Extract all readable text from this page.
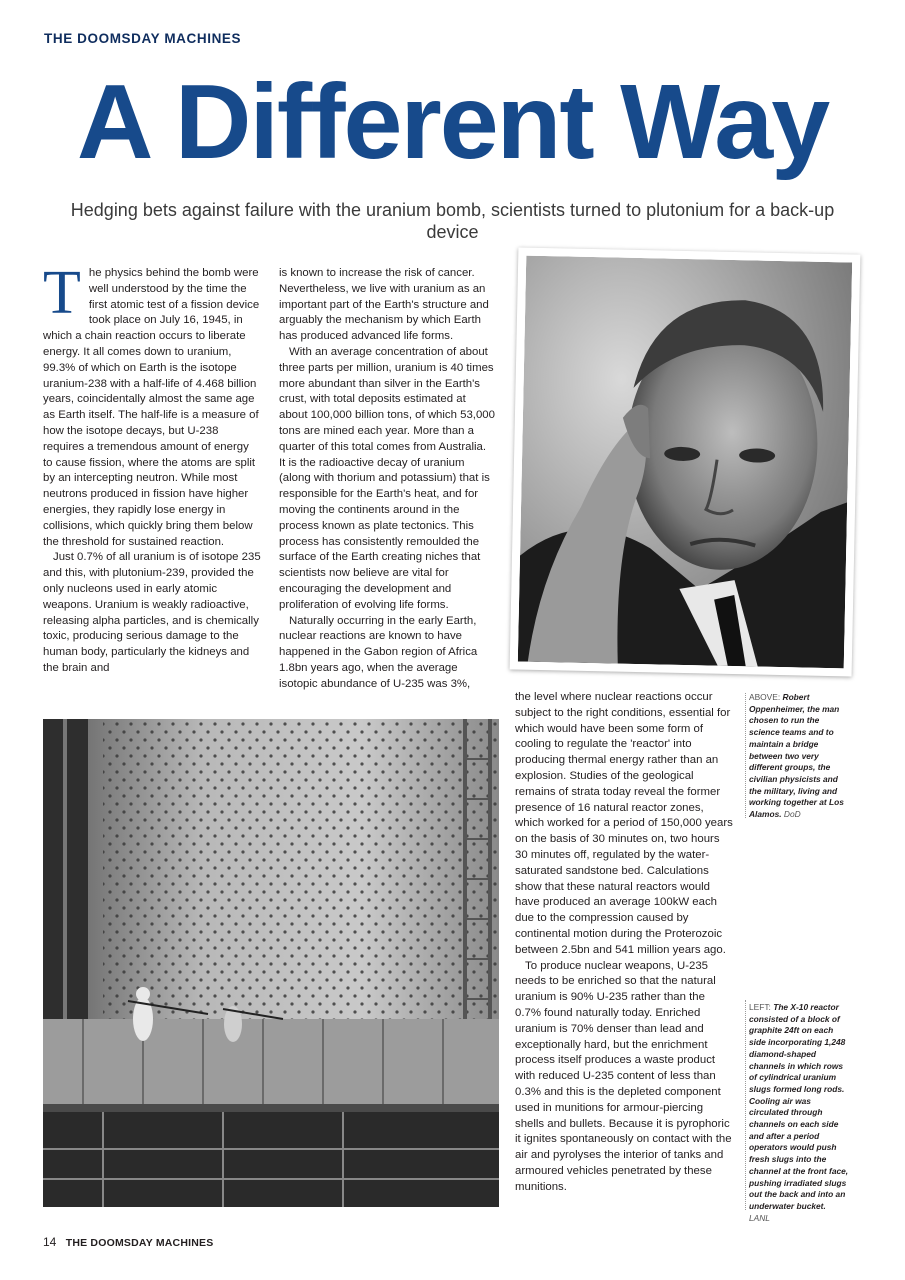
THE DOOMSDAY MACHINES
A Different Way
Hedging bets against failure with the uranium bomb, scientists turned to plutonium for a back-up device

The physics behind the bomb were well understood by the time the first atomic test of a fission device took place on July 16, 1945, in which a chain reaction occurs to liberate energy. It all comes down to uranium, 99.3% of which on Earth is the isotope uranium-238 with a half-life of 4.468 billion years, coincidentally almost the same age as Earth itself. The half-life is a measure of how the isotope decays, but U-238 requires a tremendous amount of energy to cause fission, where the atoms are split by an intercepting neutron. While most neutrons produced in fission have higher energies, they rapidly lose energy in collisions, which quickly bring them below the threshold for sustained reaction.

Just 0.7% of all uranium is of isotope 235 and this, with plutonium-239, provided the only nucleons used in early atomic weapons. Uranium is weakly radioactive, releasing alpha particles, and is chemically toxic, producing serious damage to the human body, particularly the kidneys and the brain and

is known to increase the risk of cancer. Nevertheless, we live with uranium as an important part of the Earth's structure and arguably the mechanism by which Earth has produced advanced life forms.

With an average concentration of about three parts per million, uranium is 40 times more abundant than silver in the Earth's crust, with total deposits estimated at about 100,000 billion tons, of which 53,000 tons are mined each year. More than a quarter of this total comes from Australia. It is the radioactive decay of uranium (along with thorium and potassium) that is responsible for the Earth's heat, and for moving the continents around in the process known as plate tectonics. This process has consistently remoulded the surface of the Earth creating niches that scientists now believe are vital for encouraging the development and proliferation of evolving life forms.

Naturally occurring in the early Earth, nuclear reactions are known to have happened in the Gabon region of Africa 1.8bn years ago, when the average isotopic abundance of U-235 was 3%,

the level where nuclear reactions occur subject to the right conditions, essential for which would have been some form of cooling to regulate the 'reactor' into producing thermal energy rather than an explosion. Studies of the geological remains of strata today reveal the former presence of 16 natural reactor zones, which worked for a period of 150,000 years on the basis of 30 minutes on, two hours 30 minutes off, regulated by the water-saturated sandstone bed. Calculations show that these natural reactors would have produced an average 100kW each due to the compression caused by continental motion during the Proterozoic between 2.5bn and 541 million years ago.

To produce nuclear weapons, U-235 needs to be enriched so that the natural uranium is 90% U-235 rather than the 0.7% found naturally today. Enriched uranium is 70% denser than lead and exceptionally hard, but the enrichment process itself produces a waste product with reduced U-235 content of less than 0.3% and this is the depleted component used in munitions for armour-piercing shells and bullets. Because it is pyrophoric it ignites spontaneously on contact with the air and pyrolyses the interior of tanks and armoured vehicles penetrated by these munitions.

ABOVE: Robert Oppenheimer, the man chosen to run the science teams and to maintain a bridge between two very different groups, the civilian physicists and the military, living and working together at Los Alamos. DoD
LEFT: The X-10 reactor consisted of a block of graphite 24ft on each side incorporating 1,248 diamond-shaped channels in which rows of cylindrical uranium slugs formed long rods. Cooling air was circulated through channels on each side and after a period operators would push fresh slugs into the channel at the front face, pushing irradiated slugs out the back and into an underwater bucket. LANL
14 THE DOOMSDAY MACHINES
